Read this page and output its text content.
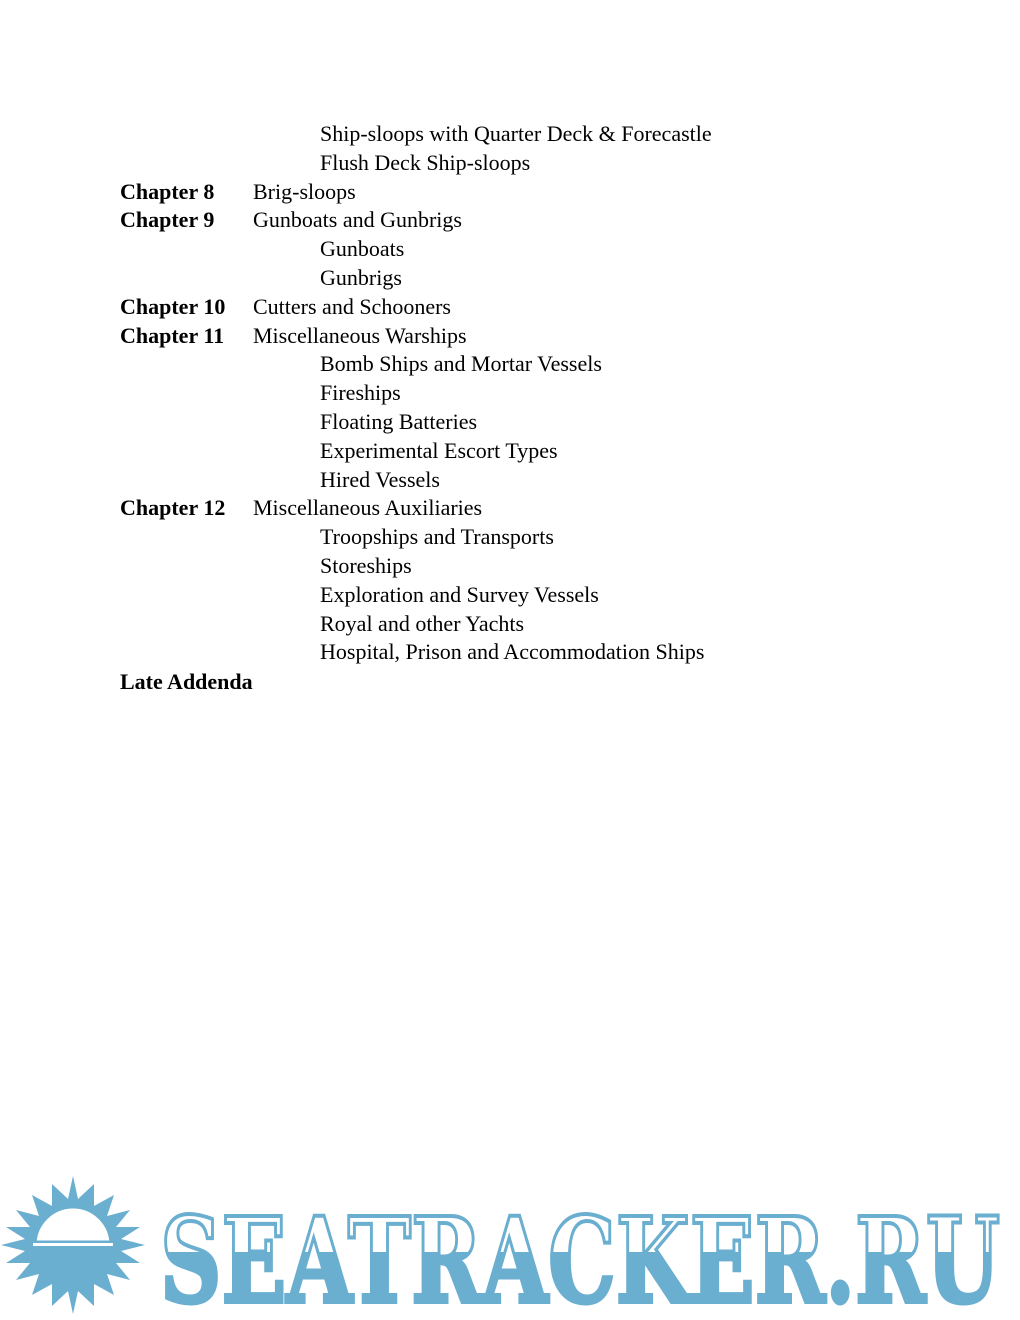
Ship-sloops with Quarter Deck & Forecastle
Flush Deck Ship-sloops
Chapter 8 Brig-sloops
Chapter 9 Gunboats and Gunbrigs
Gunboats
Gunbrigs
Chapter 10 Cutters and Schooners
Chapter 11 Miscellaneous Warships
Bomb Ships and Mortar Vessels
Fireships
Floating Batteries
Experimental Escort Types
Hired Vessels
Chapter 12 Miscellaneous Auxiliaries
Troopships and Transports
Storeships
Exploration and Survey Vessels
Royal and other Yachts
Hospital, Prison and Accommodation Ships
Late Addenda
SEATRACKER.RU
